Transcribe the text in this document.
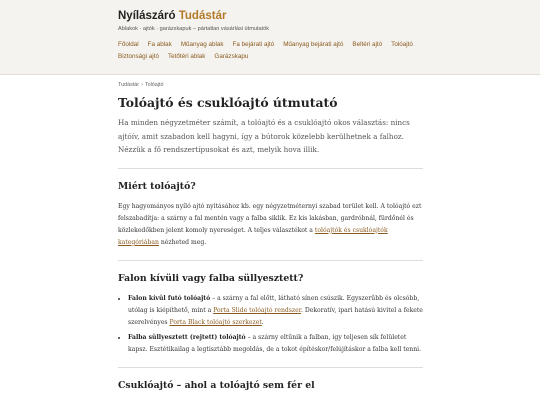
Nyílászáró Tudástár
Ablakok · ajtók · garázskapuk – pártatlan vásárlási útmutatók
Főoldal Fa ablak Műanyag ablak Fa bejárati ajtó Műanyag bejárati ajtó Beltéri ajtó Tolóajtó
Biztonsági ajtó Tetőtéri ablak Garázskapu
Tudástár › Tolóajtó
Tolóajtó és csuklóajtó útmutató

Ha minden négyzetméter számít, a tolóajtó és a csuklóajtó okos választás: nincs ajtóív, amit szabadon kell hagyni, így a bútorok közelebb kerülhetnek a falhoz. Nézzük a fő rendszertípusokat és azt, melyik hova illik.

Miért tolóajtó?

Egy hagyományos nyíló ajtó nyitásához kb. egy négyzetméternyi szabad terület kell. A tolóajtó ezt felszabadítja: a szárny a fal mentén vagy a falba siklik. Ez kis lakásban, gardróbnál, fürdőnél és közlekedőkben jelent komoly nyereséget. A teljes választékot a tolóajtók és csuklóajtók kategóriában nézheted meg.

Falon kívüli vagy falba süllyesztett?
• Falon kívül futó tolóajtó – a szárny a fal előtt, látható sínen csúszik. Egyszerűbb és olcsóbb, utólag is kiépíthető, mint a Porta Slide tolóajtó rendszer. Dekoratív, ipari hatású kivitel a fekete szerelvényes Porta Black tolóajtó szerkezet.
• Falba süllyesztett (rejtett) tolóajtó – a szárny eltűnik a falban, így teljesen sík felületet kapsz. Esztétikailag a legtisztább megoldás, de a tokot építéskor/felújításkor a falba kell tenni.
Csuklóajtó – ahol a tolóajtó sem fér el
